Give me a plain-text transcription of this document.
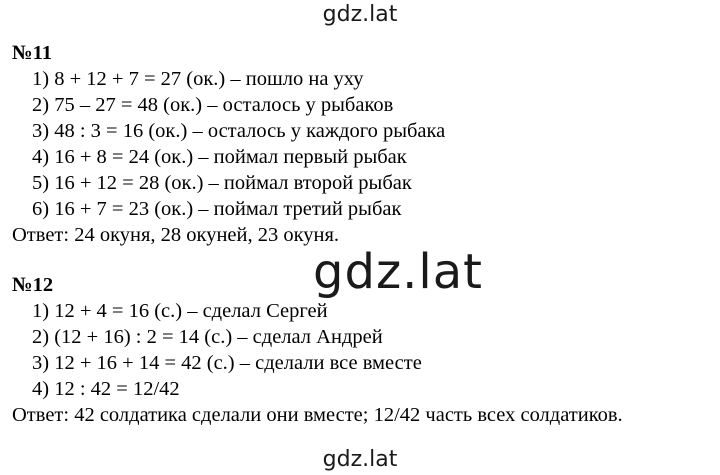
gdz.lat
№11
1) 8 + 12 + 7 = 27 (ок.) – пошло на уху
2) 75 – 27 = 48 (ок.) – осталось у рыбаков
3) 48 : 3 = 16 (ок.) – осталось у каждого рыбака
4) 16 + 8 = 24 (ок.) – поймал первый рыбак
5) 16 + 12 = 28 (ок.) – поймал второй рыбак
6) 16 + 7 = 23 (ок.) – поймал третий рыбак
Ответ: 24 окуня, 28 окуней, 23 окуня.
gdz.lat
№12
1) 12 + 4 = 16 (с.) – сделал Сергей
2) (12 + 16) : 2 = 14 (с.) – сделал Андрей
3) 12 + 16 + 14 = 42 (с.) – сделали все вместе
4) 12 : 42 = 12/42
Ответ: 42 солдатика сделали они вместе; 12/42 часть всех солдатиков.
gdz.lat
